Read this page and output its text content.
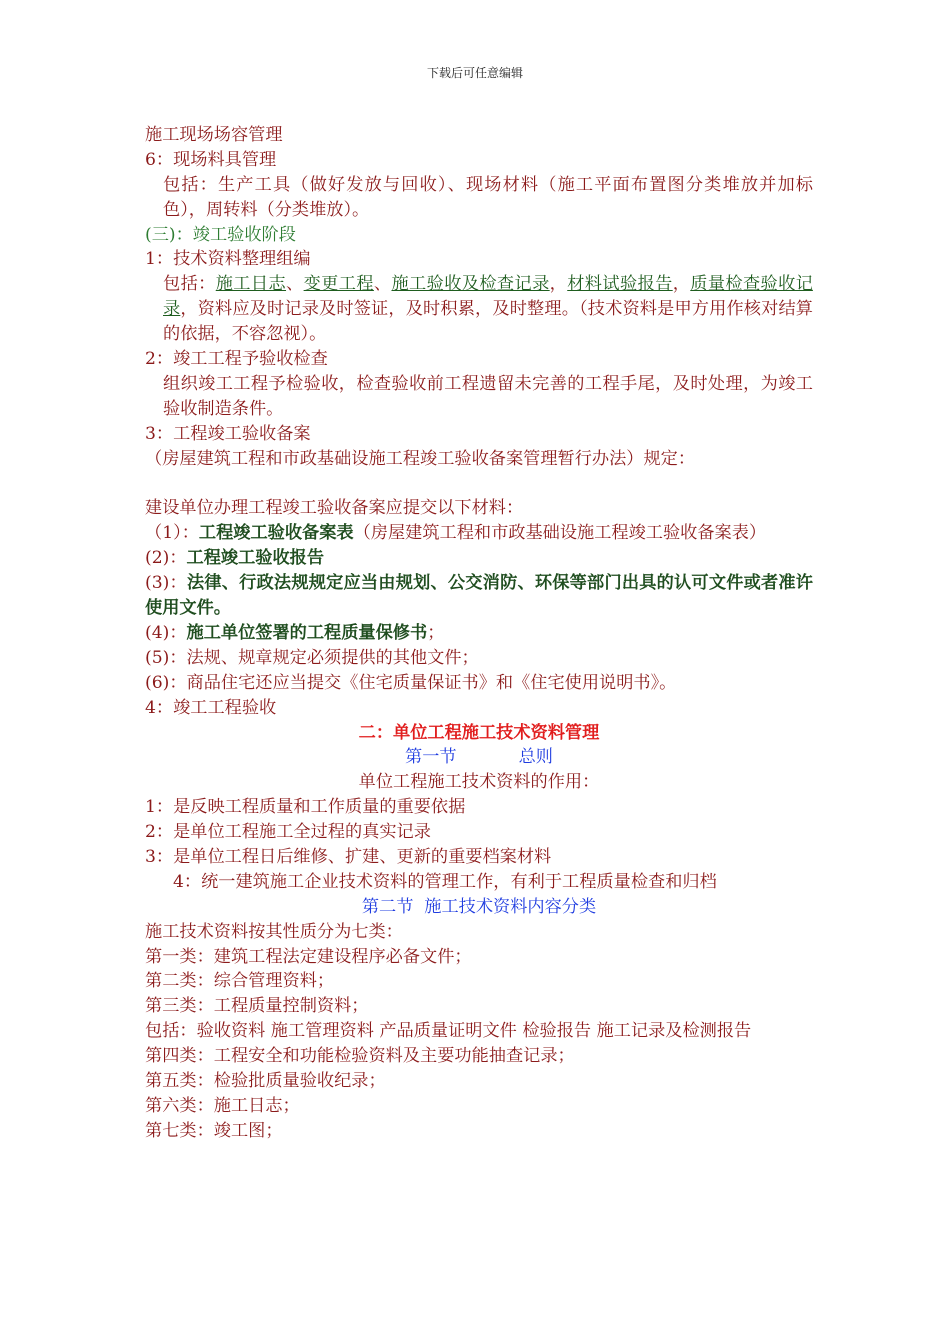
下载后可任意编辑
施工现场场容管理
6：现场料具管理
包括：生产工具（做好发放与回收）、现场材料（施工平面布置图分类堆放并加标色），周转料（分类堆放）。
(三)：竣工验收阶段
1：技术资料整理组编
包括：施工日志、变更工程、施工验收及检查记录，材料试验报告，质量检查验收记录，资料应及时记录及时签证，及时积累，及时整理。（技术资料是甲方用作核对结算的依据，不容忽视）。
2：竣工工程予验收检查
组织竣工工程予检验收，检查验收前工程遗留未完善的工程手尾，及时处理，为竣工验收制造条件。
3：工程竣工验收备案
（房屋建筑工程和市政基础设施工程竣工验收备案管理暂行办法）规定：
建设单位办理工程竣工验收备案应提交以下材料：
（1）：工程竣工验收备案表（房屋建筑工程和市政基础设施工程竣工验收备案表）
(2)：工程竣工验收报告
(3)：法律、行政法规规定应当由规划、公交消防、环保等部门出具的认可文件或者准许使用文件。
(4)：施工单位签署的工程质量保修书；
(5)：法规、规章规定必须提供的其他文件；
(6)：商品住宅还应当提交《住宅质量保证书》和《住宅使用说明书》。
4：竣工工程验收
二：单位工程施工技术资料管理
第一节	总则
单位工程施工技术资料的作用：
1：是反映工程质量和工作质量的重要依据
2：是单位工程施工全过程的真实记录
3：是单位工程日后维修、扩建、更新的重要档案材料
4：统一建筑施工企业技术资料的管理工作，有利于工程质量检查和归档
第二节  施工技术资料内容分类
施工技术资料按其性质分为七类：
第一类：建筑工程法定建设程序必备文件；
第二类：综合管理资料；
第三类：工程质量控制资料；
包括：验收资料 施工管理资料 产品质量证明文件 检验报告 施工记录及检测报告
第四类：工程安全和功能检验资料及主要功能抽查记录；
第五类：检验批质量验收纪录；
第六类：施工日志；
第七类：竣工图；
